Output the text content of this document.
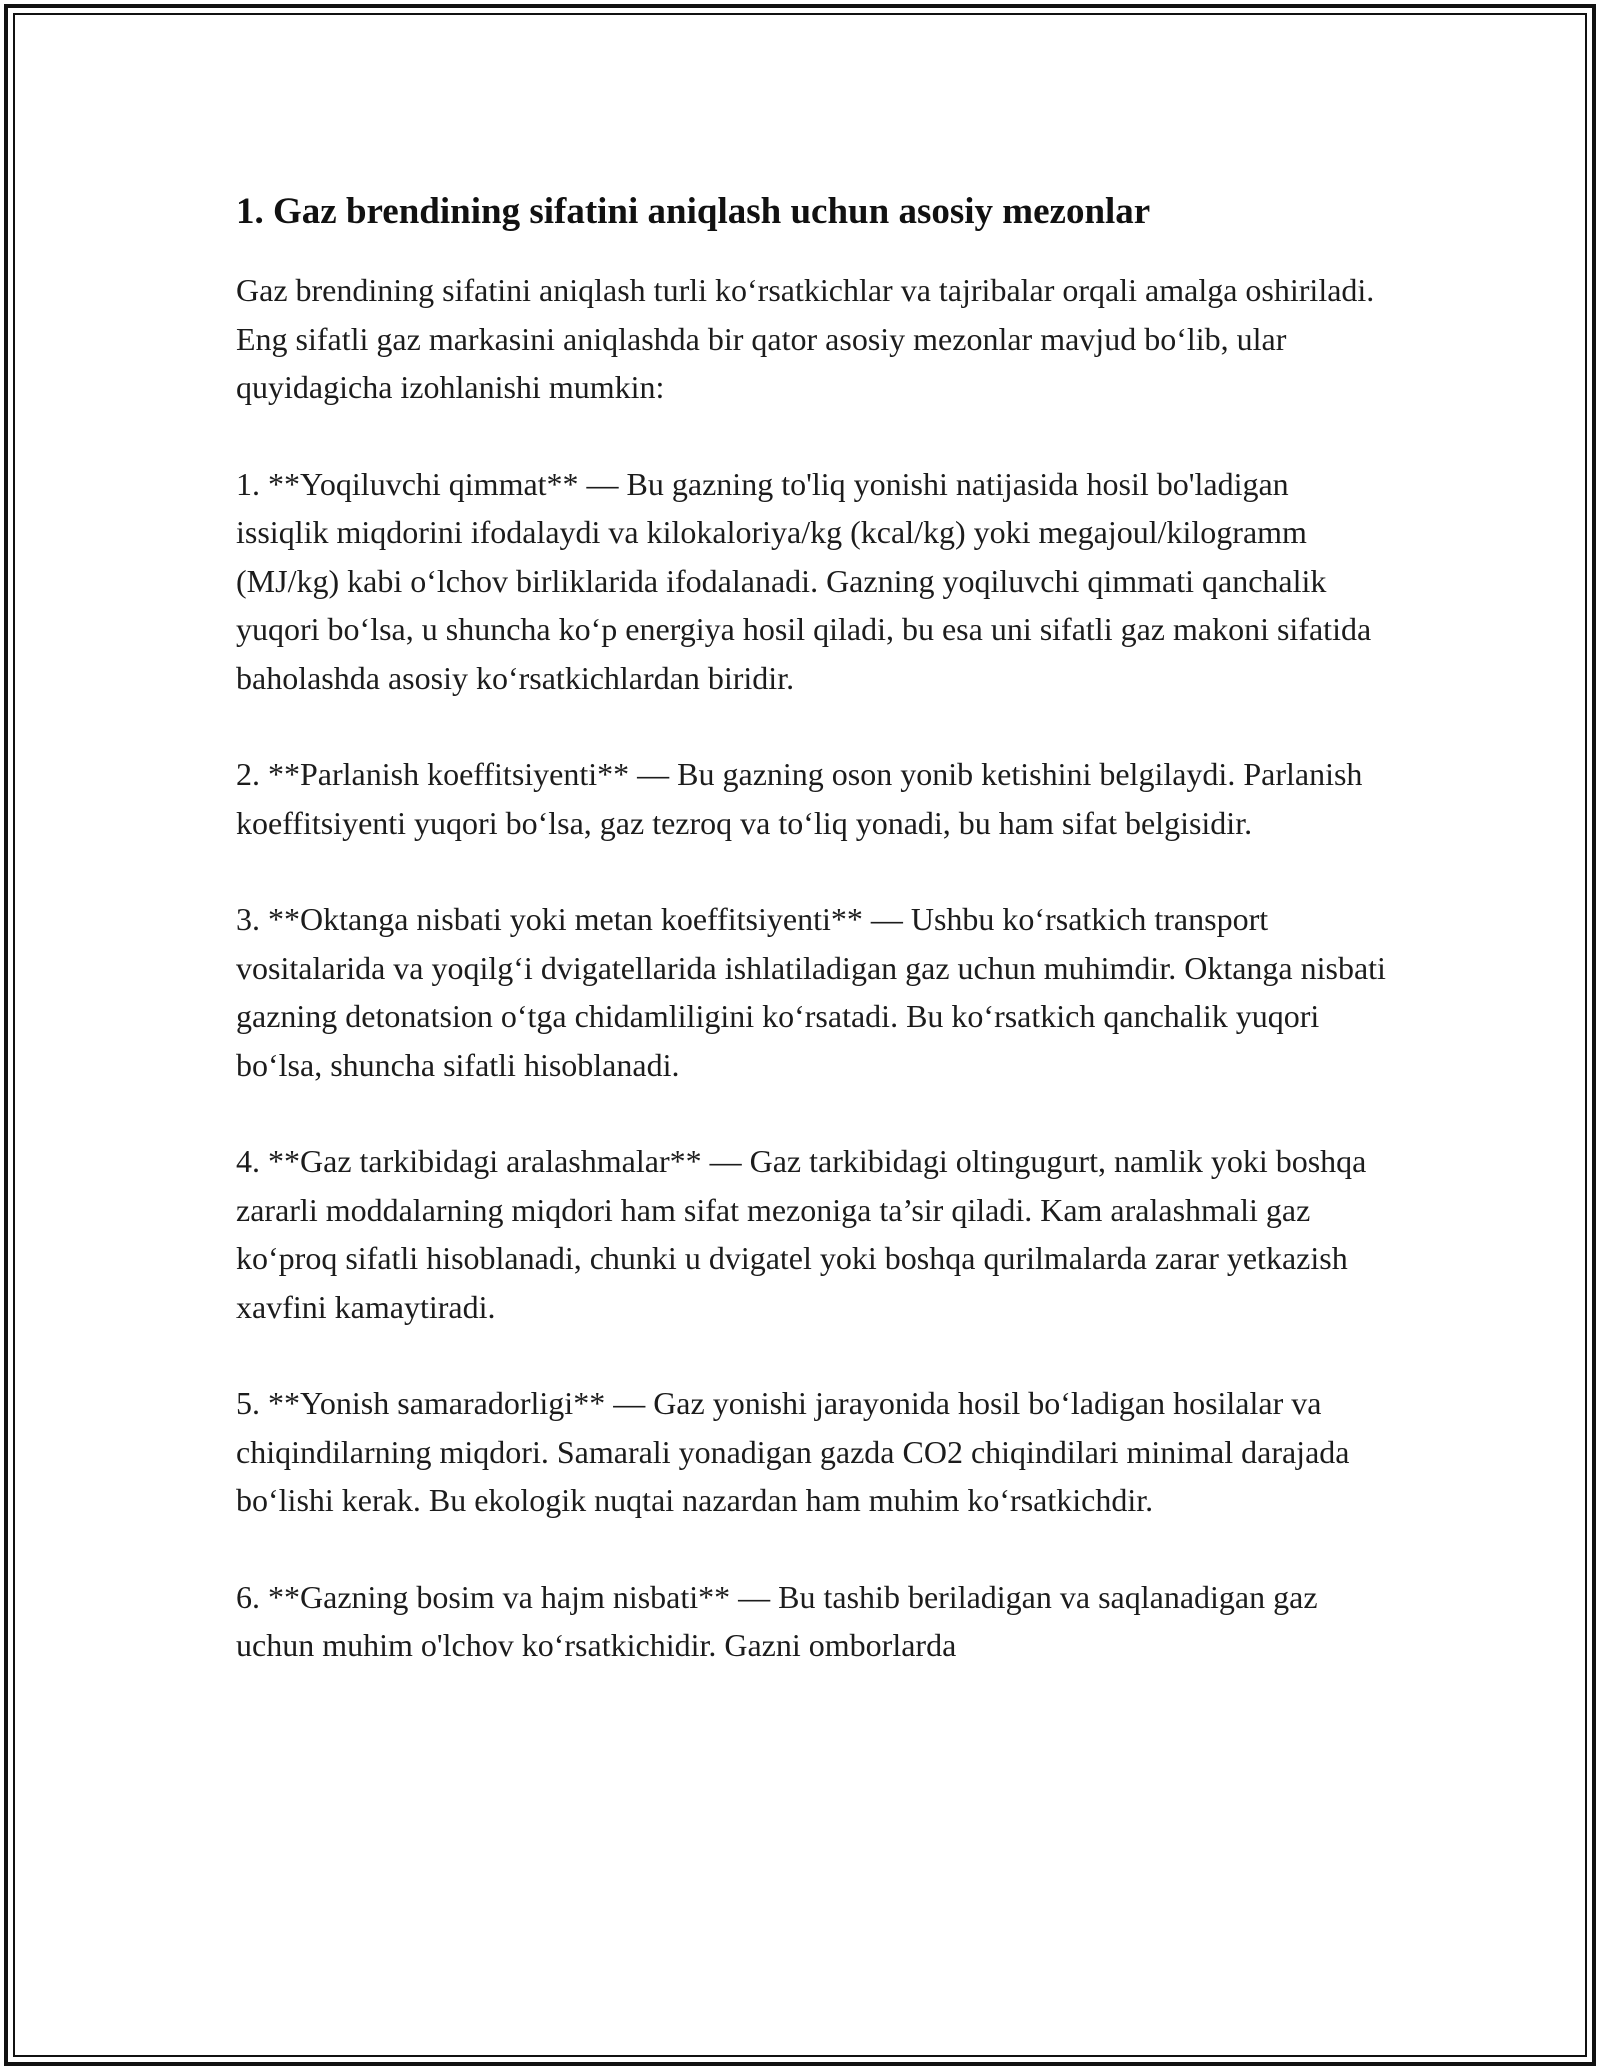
1. Gaz brendining sifatini aniqlash uchun asosiy mezonlar

Gaz brendining sifatini aniqlash turli ko‘rsatkichlar va tajribalar orqali amalga oshiriladi. Eng sifatli gaz markasini aniqlashda bir qator asosiy mezonlar mavjud bo‘lib, ular quyidagicha izohlanishi mumkin:

1. **Yoqiluvchi qimmat** — Bu gazning to'liq yonishi natijasida hosil bo'ladigan issiqlik miqdorini ifodalaydi va kilokaloriya/kg (kcal/kg) yoki megajoul/kilogramm (MJ/kg) kabi o‘lchov birliklarida ifodalanadi. Gazning yoqiluvchi qimmati qanchalik yuqori bo‘lsa, u shuncha ko‘p energiya hosil qiladi, bu esa uni sifatli gaz makoni sifatida baholashda asosiy ko‘rsatkichlardan biridir.

2. **Parlanish koeffitsiyenti** — Bu gazning oson yonib ketishini belgilaydi. Parlanish koeffitsiyenti yuqori bo‘lsa, gaz tezroq va to‘liq yonadi, bu ham sifat belgisidir.

3. **Oktanga nisbati yoki metan koeffitsiyenti** — Ushbu ko‘rsatkich transport vositalarida va yoqilg‘i dvigatellarida ishlatiladigan gaz uchun muhimdir. Oktanga nisbati gazning detonatsion o‘tga chidamliligini ko‘rsatadi. Bu ko‘rsatkich qanchalik yuqori bo‘lsa, shuncha sifatli hisoblanadi.

4. **Gaz tarkibidagi aralashmalar** — Gaz tarkibidagi oltingugurt, namlik yoki boshqa zararli moddalarning miqdori ham sifat mezoniga ta’sir qiladi. Kam aralashmali gaz ko‘proq sifatli hisoblanadi, chunki u dvigatel yoki boshqa qurilmalarda zarar yetkazish xavfini kamaytiradi.

5. **Yonish samaradorligi** — Gaz yonishi jarayonida hosil bo‘ladigan hosilalar va chiqindilarning miqdori. Samarali yonadigan gazda CO2 chiqindilari minimal darajada bo‘lishi kerak. Bu ekologik nuqtai nazardan ham muhim ko‘rsatkichdir.

6. **Gazning bosim va hajm nisbati** — Bu tashib beriladigan va saqlanadigan gaz uchun muhim o'lchov ko‘rsatkichidir. Gazni omborlarda
